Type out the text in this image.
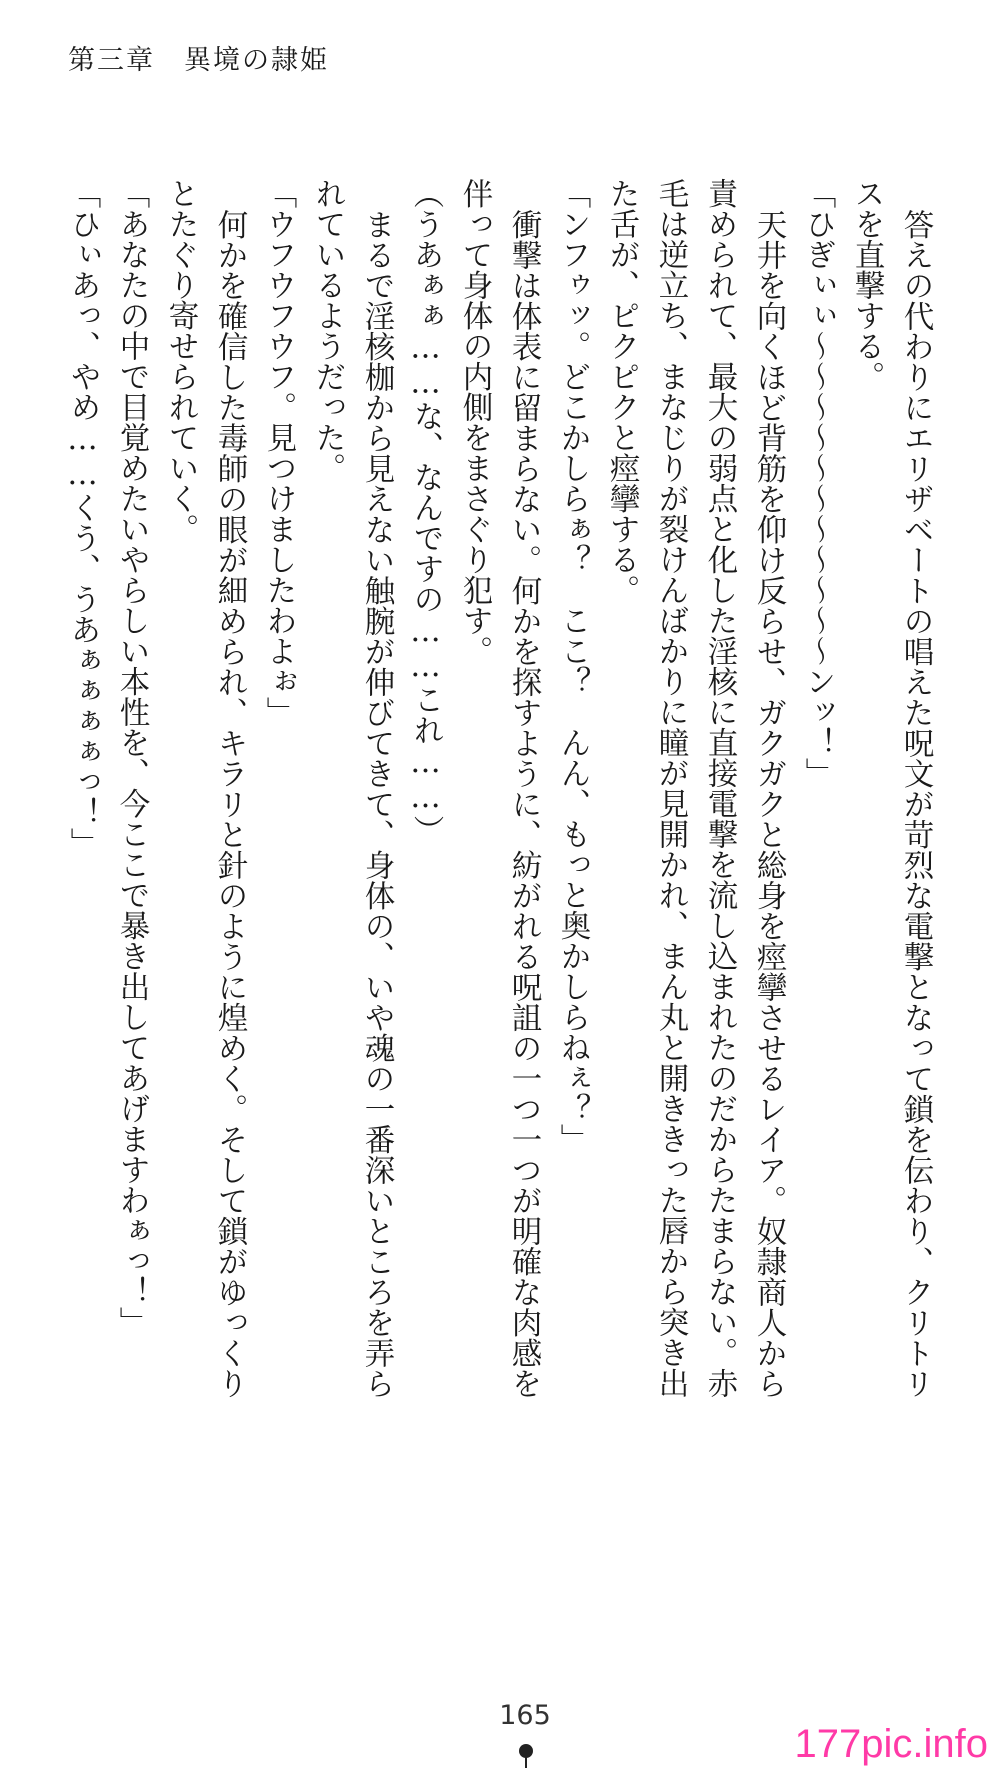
第三章　異境の隷姫

答えの代わりにエリザベートの唱えた呪文が苛烈な電撃となって鎖を伝わり、クリトリ

スを直撃する。

「ひぎぃぃ〜〜〜〜〜〜〜〜〜〜〜ンッ！」

天井を向くほど背筋を仰け反らせ、ガクガクと総身を痙攣させるレイア。奴隷商人から

責められて、最大の弱点と化した淫核に直接電撃を流し込まれたのだからたまらない。赤

毛は逆立ち、まなじりが裂けんばかりに瞳が見開かれ、まん丸と開ききった唇から突き出

た舌が、ピクピクと痙攣する。

「ンフゥッ。どこかしらぁ？　ここ？　んん、もっと奥かしらねぇ？」

衝撃は体表に留まらない。何かを探すように、紡がれる呪詛の一つ一つが明確な肉感を

伴って身体の内側をまさぐり犯す。

（うあぁぁ……な、なんですの……これ……）

まるで淫核枷から見えない触腕が伸びてきて、身体の、いや魂の一番深いところを弄ら

れているようだった。

「ウフウフウフ。見つけましたわよぉ」

何かを確信した毒師の眼が細められ、キラリと針のように煌めく。そして鎖がゆっくり

とたぐり寄せられていく。

「あなたの中で目覚めたいやらしい本性を、今ここで暴き出してあげますわぁっ！」

「ひぃあっ、やめ……くう、うあぁぁぁぁっ！」

165
177pic.info
